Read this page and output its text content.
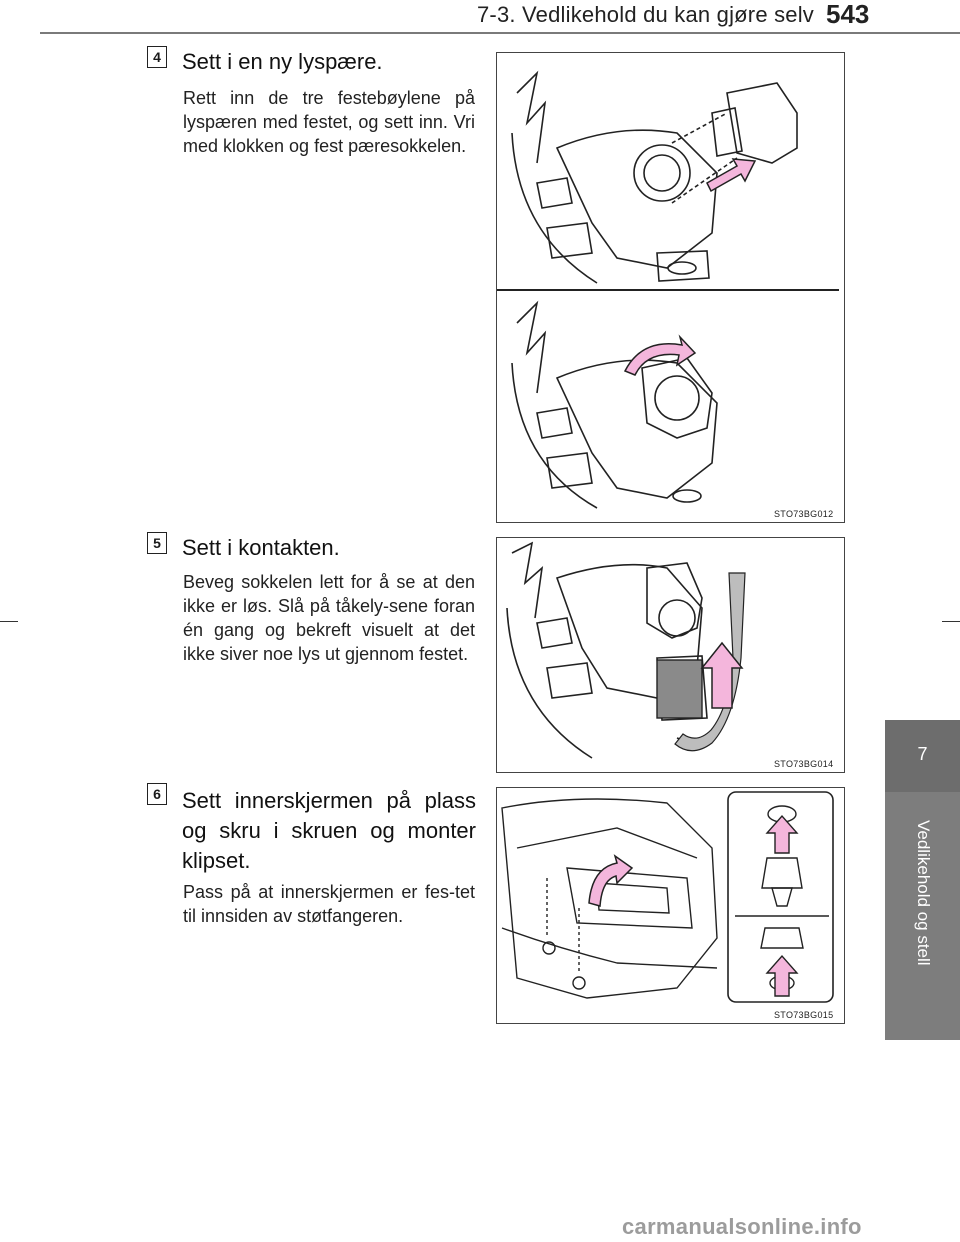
7-3. Vedlikehold du kan gjøre selv 543
7
Vedlikehold og stell
4 Sett i en ny lyspære.
Rett inn de tre festebøylene på lyspæren med festet, og sett inn. Vri med klokken og fest pæresokkelen.
STO73BG012
5 Sett i kontakten.
Beveg sokkelen lett for å se at den ikke er løs. Slå på tåkely-sene foran én gang og bekreft visuelt at det ikke siver noe lys ut gjennom festet.
STO73BG014
6 Sett innerskjermen på plass og skru i skruen og monter klipset.
Pass på at innerskjermen er fes-tet til innsiden av støtfangeren.
STO73BG015
carmanualsonline.info
